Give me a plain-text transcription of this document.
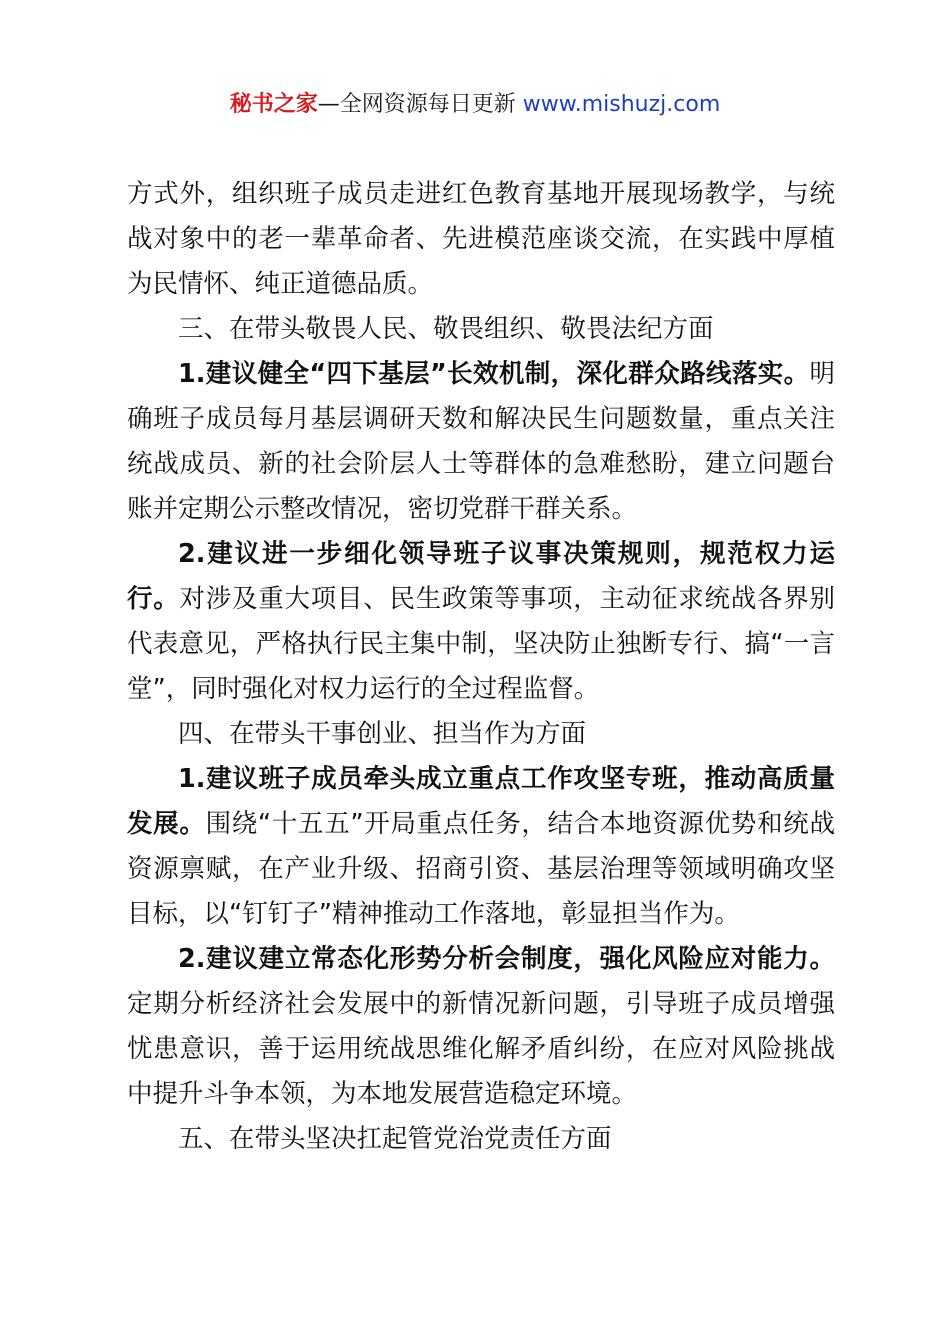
秘书之家—全网资源每日更新 www.mishuzj.com

方式外，组织班子成员走进红色教育基地开展现场教学，与统战对象中的老一辈革命者、先进模范座谈交流，在实践中厚植为民情怀、纯正道德品质。

三、在带头敬畏人民、敬畏组织、敬畏法纪方面

1.建议健全“四下基层”长效机制，深化群众路线落实。明确班子成员每月基层调研天数和解决民生问题数量，重点关注统战成员、新的社会阶层人士等群体的急难愁盼，建立问题台账并定期公示整改情况，密切党群干群关系。

2.建议进一步细化领导班子议事决策规则，规范权力运行。对涉及重大项目、民生政策等事项，主动征求统战各界别代表意见，严格执行民主集中制，坚决防止独断专行、搞“一言堂”，同时强化对权力运行的全过程监督。

四、在带头干事创业、担当作为方面

1.建议班子成员牵头成立重点工作攻坚专班，推动高质量发展。围绕“十五五”开局重点任务，结合本地资源优势和统战资源禀赋，在产业升级、招商引资、基层治理等领域明确攻坚目标，以“钉钉子”精神推动工作落地，彰显担当作为。

2.建议建立常态化形势分析会制度，强化风险应对能力。定期分析经济社会发展中的新情况新问题，引导班子成员增强忧患意识，善于运用统战思维化解矛盾纠纷，在应对风险挑战中提升斗争本领，为本地发展营造稳定环境。

五、在带头坚决扛起管党治党责任方面
